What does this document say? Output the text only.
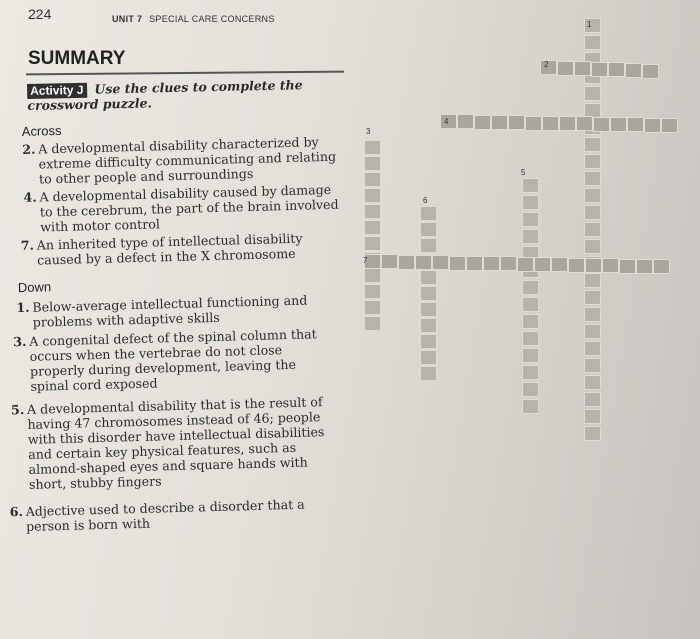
224	UNIT 7 SPECIAL CARE CONCERNS
SUMMARY
Activity J Use the clues to complete the crossword puzzle.
Across
2. A developmental disability characterized by extreme difficulty communicating and relating to other people and surroundings
4. A developmental disability caused by damage to the cerebrum, the part of the brain involved with motor control
7. An inherited type of intellectual disability caused by a defect in the X chromosome
Down
1. Below-average intellectual functioning and problems with adaptive skills
3. A congenital defect of the spinal column that occurs when the vertebrae do not close properly during development, leaving the spinal cord exposed
5. A developmental disability that is the result of having 47 chromosomes instead of 46; people with this disorder have intellectual disabilities and certain key physical features, such as almond-shaped eyes and square hands with short, stubby fingers
6. Adjective used to describe a disorder that a person is born with
1
2
3
4
5
6
7
